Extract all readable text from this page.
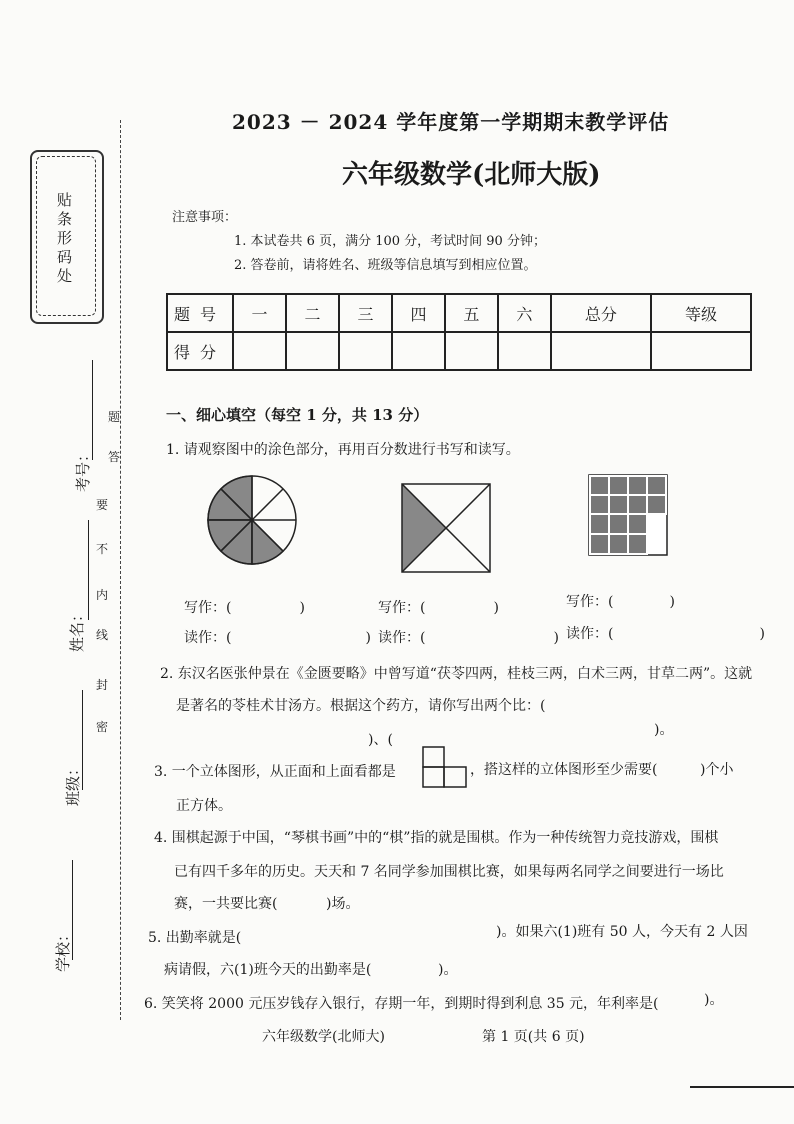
贴条形码处
密
封
线
内
不
要
答
题
考号：
姓名：
班级：
学校：
2023 － 2024 学年度第一学期期末教学评估
六年级数学(北师大版)
注意事项：
1. 本试卷共 6 页，满分 100 分，考试时间 90 分钟；
2. 答卷前，请将姓名、班级等信息填写到相应位置。
题号	一	二	三	四	五	六	总分	等级
得分								
一、细心填空（每空 1 分，共 13 分）
1. 请观察图中的涂色部分，再用百分数进行书写和读写。
写作：(	)	写作：(	)	写作：(	)
读作：(	) 读作：(	) 读作：(	)
2. 东汉名医张仲景在《金匮要略》中曾写道“茯苓四两，桂枝三两，白术三两，甘草二两”。这就
是著名的苓桂术甘汤方。根据这个药方，请你写出两个比：(
)。
)、(
3. 一个立体图形，从正面和上面看都是	，搭这样的立体图形至少需要(	)个小
正方体。
4. 围棋起源于中国，“琴棋书画”中的“棋”指的就是围棋。作为一种传统智力竞技游戏，围棋
已有四千多年的历史。天天和 7 名同学参加围棋比赛，如果每两名同学之间要进行一场比
赛，一共要比赛(	)场。
5. 出勤率就是(	)。如果六(1)班有 50 人，今天有 2 人因
病请假，六(1)班今天的出勤率是(	)。
6. 笑笑将 2000 元压岁钱存入银行，存期一年，到期时得到利息 35 元，年利率是(	)。
六年级数学(北师大)	第 1 页(共 6 页)
